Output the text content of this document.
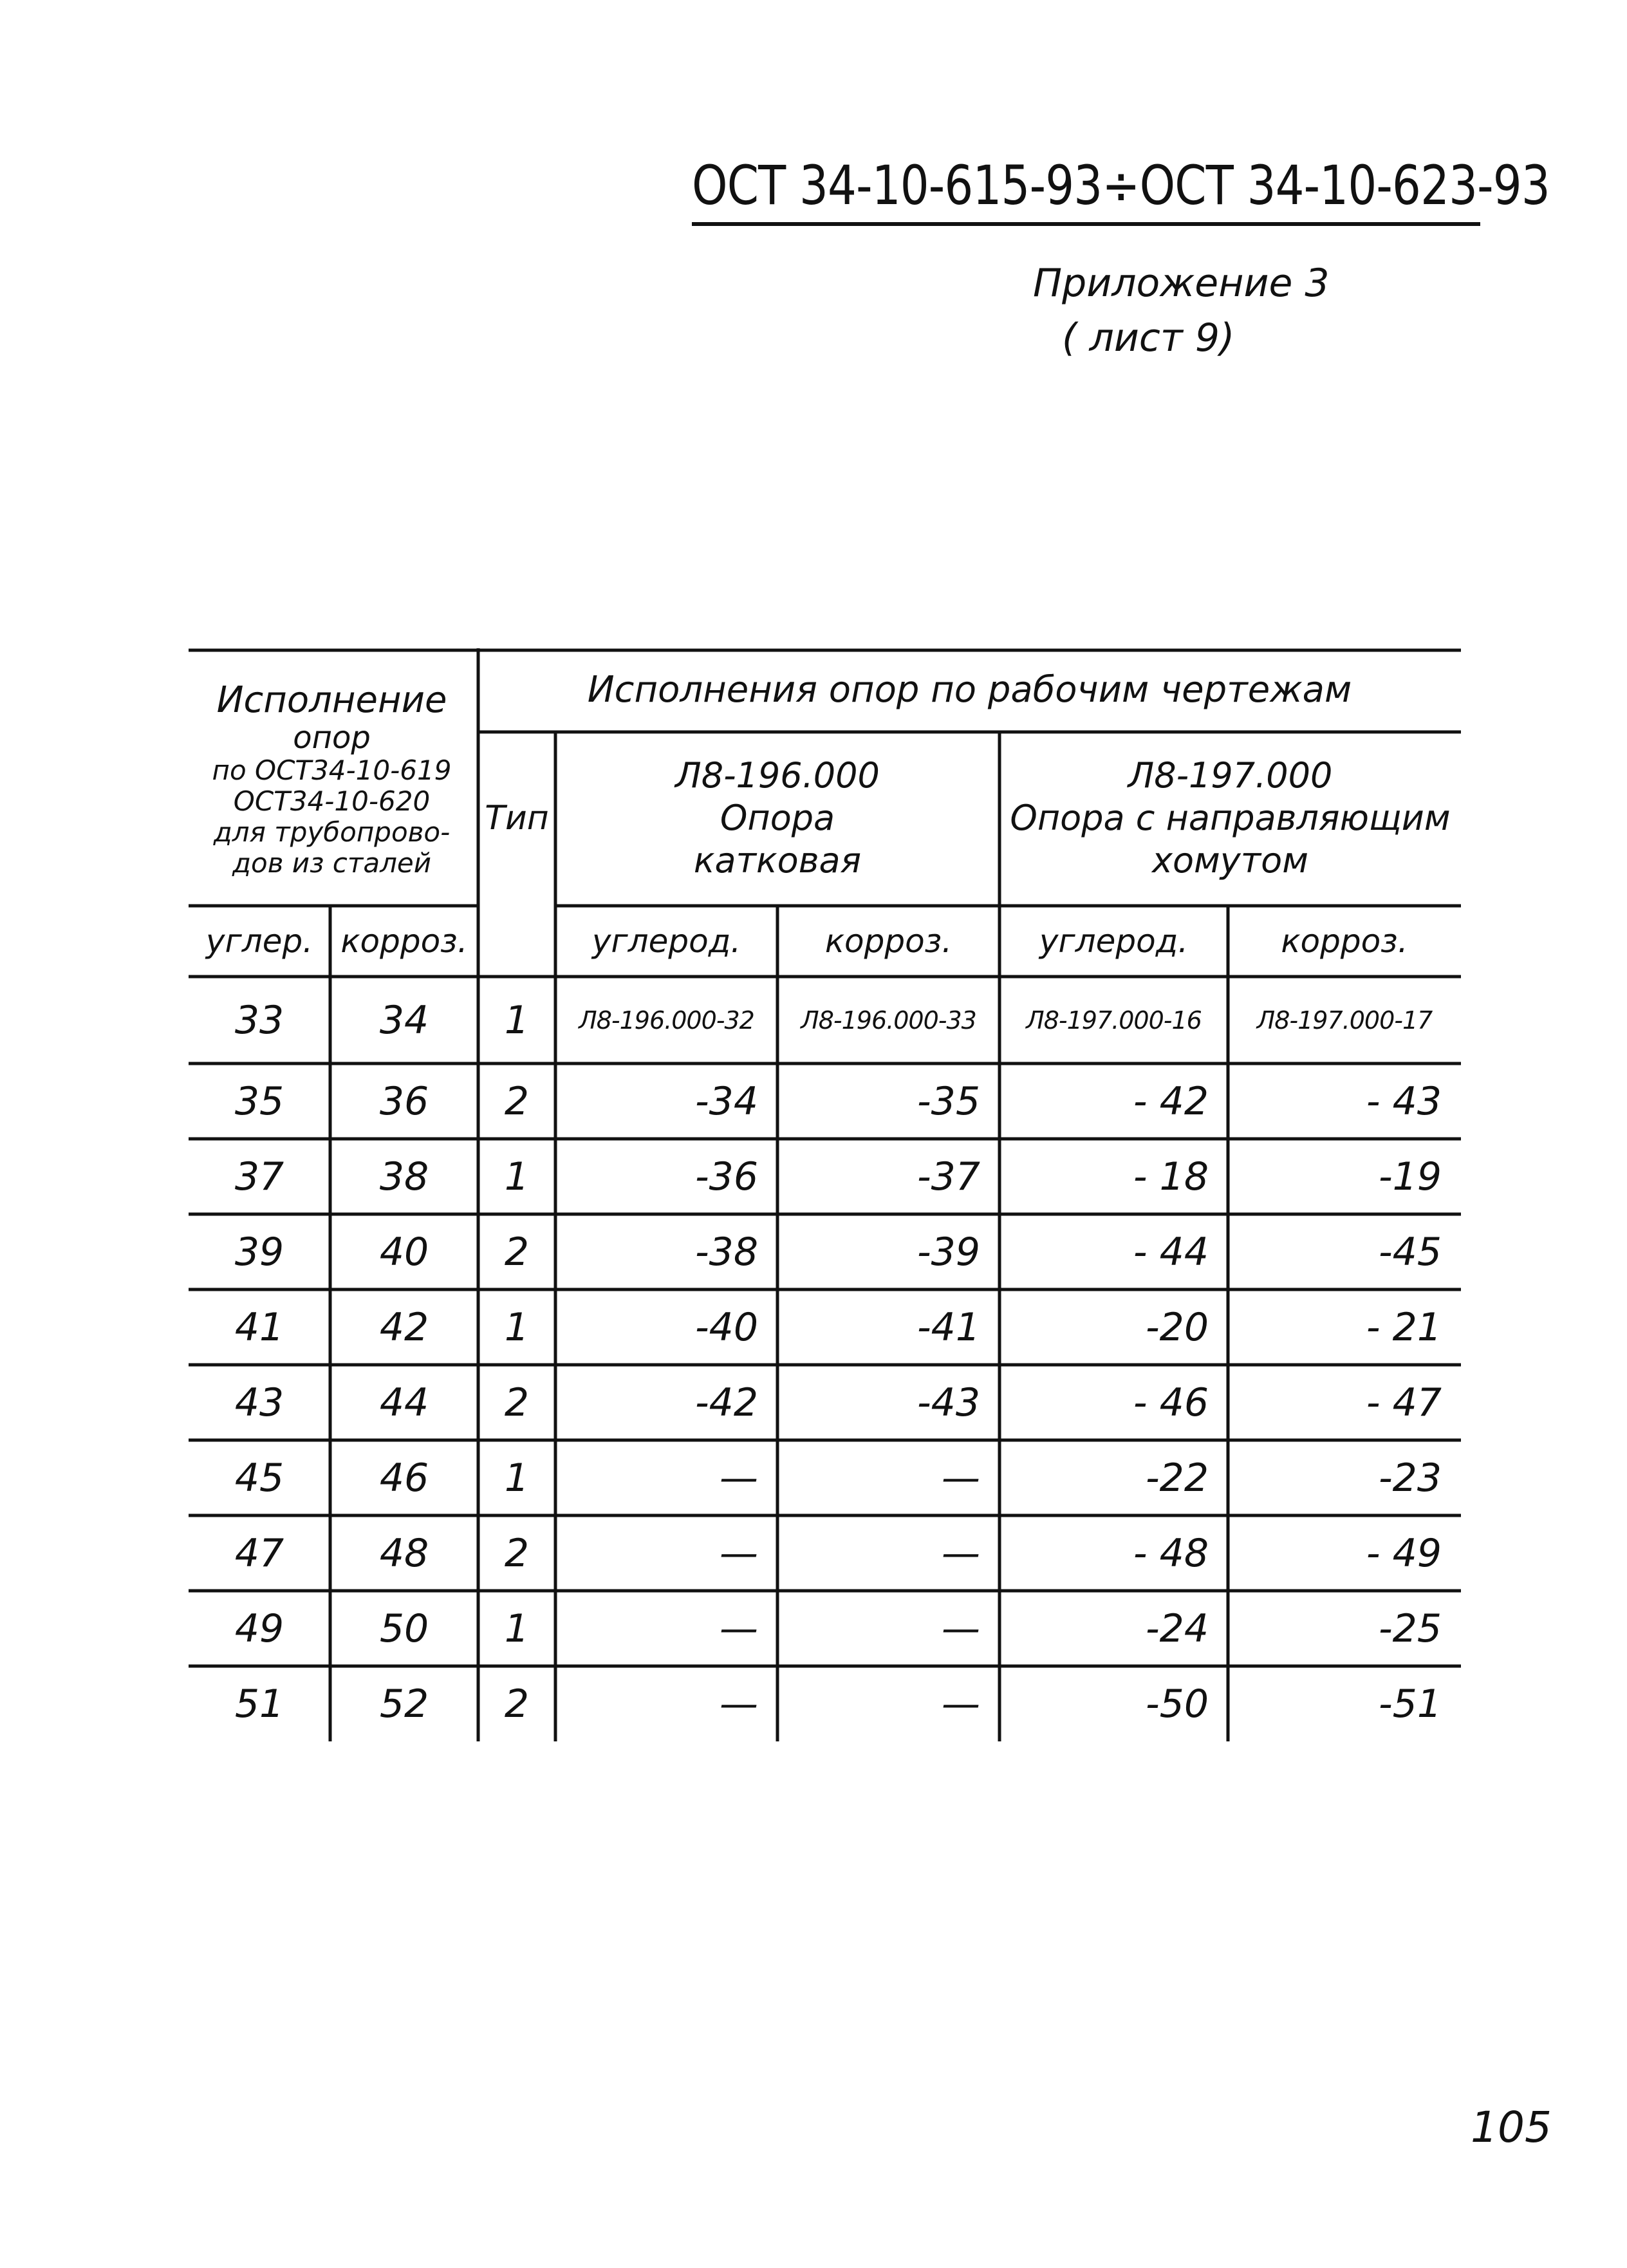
ОСТ 34-10-615-93÷ОСТ 34-10-623-93
Приложение 3
( лист 9)
Исполнение
опор
по ОСТ34-10-619
ОСТ34-10-620
для трубопрово-
дов из сталей
Исполнения опор по рабочим чертежам
Тип
Л8-196.000
Опора
катковая
Л8-197.000
Опора с направляющим
хомутом
углер. корроз.	углерод.	корроз.	углерод.	корроз.
33	34	1	Л8-196.000-32	Л8-196.000-33	Л8-197.000-16	Л8-197.000-17
35	36	2	-34	-35	- 42	- 43
37	38	1	-36	-37	- 18	-19
39	40	2	-38	-39	- 44	-45
41	42	1	-40	-41	-20	- 21
43	44	2	-42	-43	- 46	- 47
45	46	1	—	—	-22	-23
47	48	2	—	—	- 48	- 49
49	50	1	—	—	-24	-25
51	52	2	—	—	-50	-51
105
